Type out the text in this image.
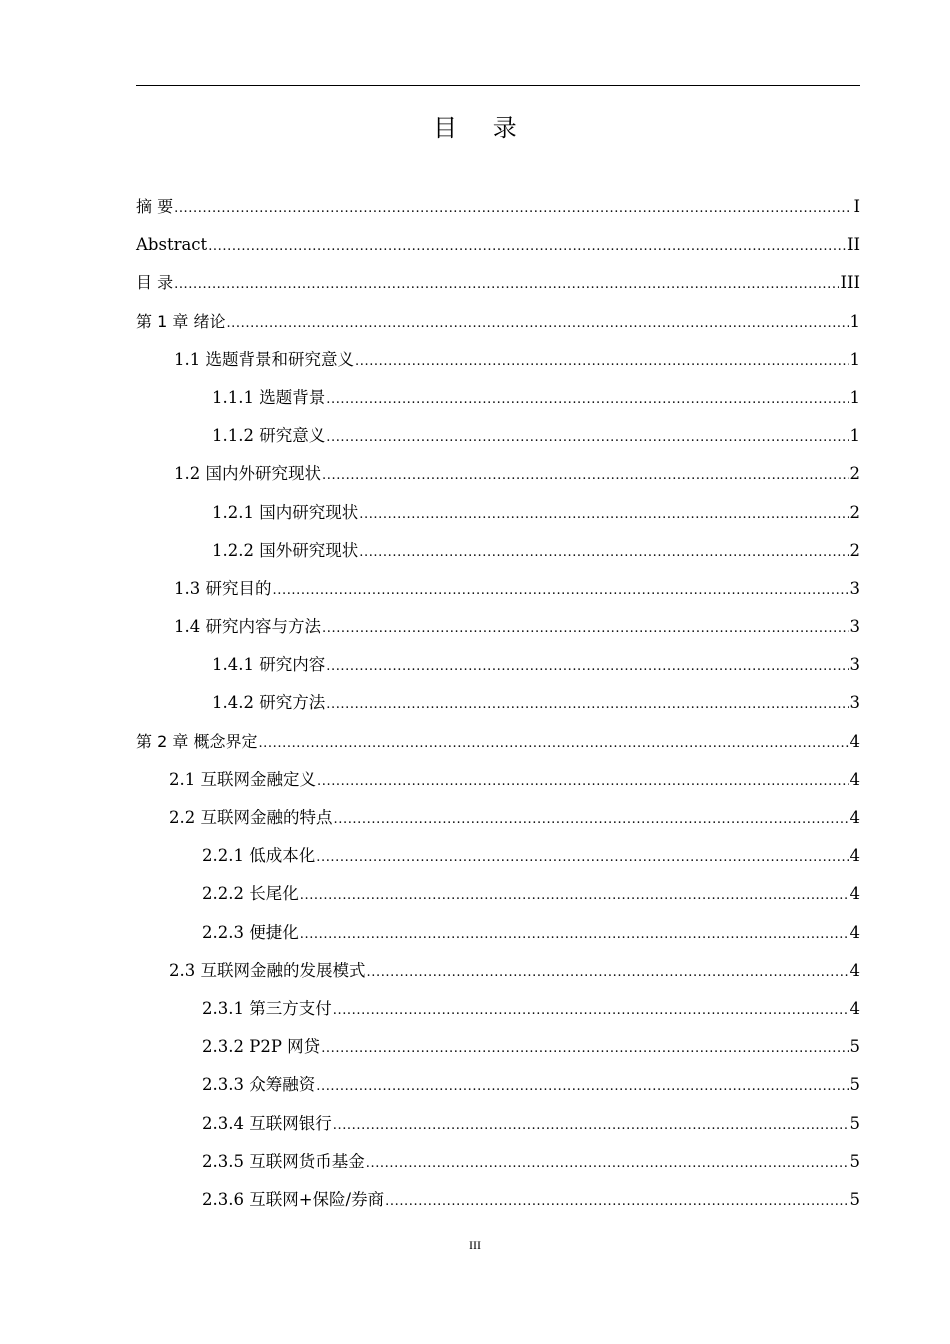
目 录
摘 要 .....	I
Abstract .....	II
目 录 .....	III
第 1 章 绪论 .....	1
1.1 选题背景和研究意义 .....	1
1.1.1 选题背景 .....	1
1.1.2 研究意义 .....	1
1.2 国内外研究现状 .....	2
1.2.1 国内研究现状 .....	2
1.2.2 国外研究现状 .....	2
1.3 研究目的 .....	3
1.4 研究内容与方法 .....	3
1.4.1 研究内容 .....	3
1.4.2 研究方法 .....	3
第 2 章 概念界定 .....	4
2.1 互联网金融定义 .....	4
2.2 互联网金融的特点 .....	4
2.2.1 低成本化 .....	4
2.2.2 长尾化 .....	4
2.2.3 便捷化 .....	4
2.3 互联网金融的发展模式 .....	4
2.3.1 第三方支付 .....	4
2.3.2 P2P 网贷 .....	5
2.3.3 众筹融资 .....	5
2.3.4 互联网银行 .....	5
2.3.5 互联网货币基金 .....	5
2.3.6 互联网+保险/券商 .....	5
III
